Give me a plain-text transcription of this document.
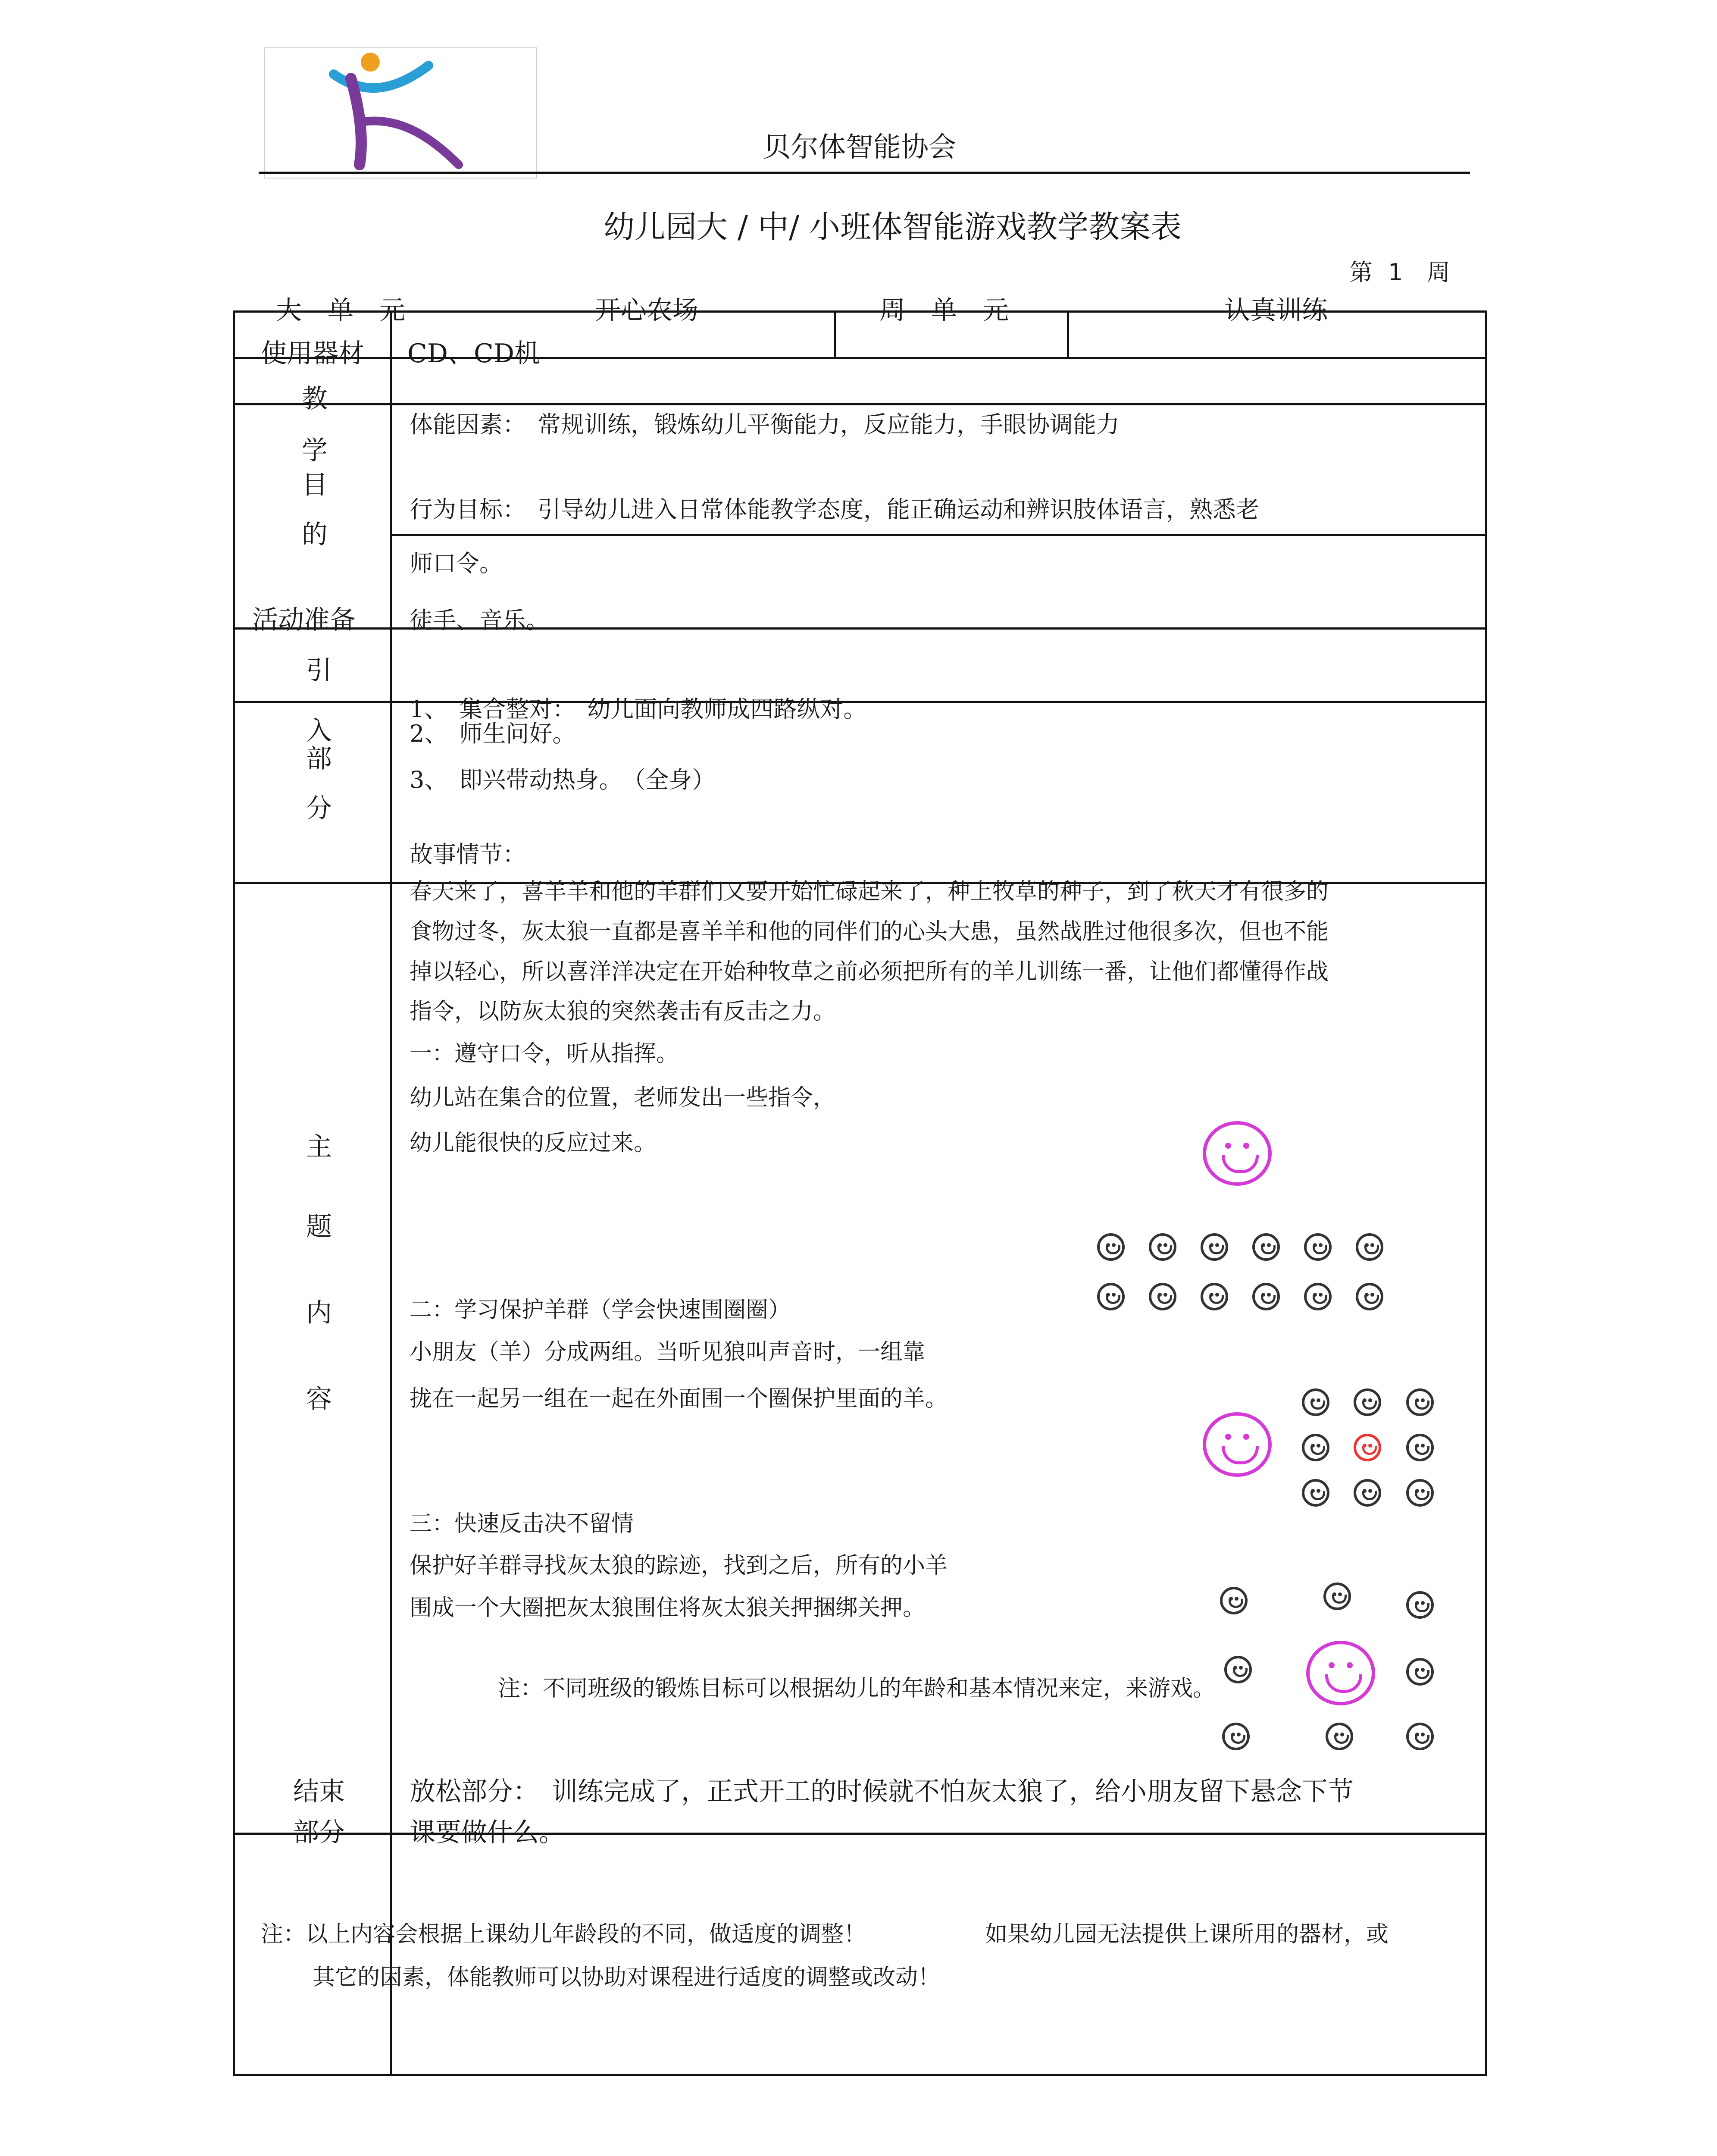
贝尔体智能协会
幼儿园大 / 中/ 小班体智能游戏教学教案表
第 1 周
大　单　元	开心农场	周　单　元	认真训练
使用器材 CD、CD机
教
学
目
的
体能因素：　常规训练，锻炼幼儿平衡能力，反应能力，手眼协调能力
行为目标：　引导幼儿进入日常体能教学态度，能正确运动和辨识肢体语言，熟悉老
师口令。
活动准备 徒手、音乐。
引
入
部
分
1、　集合整对：　幼儿面向教师成四路纵对。
2、　师生问好。
3、　即兴带动热身。　（全身）
故事情节：
主
题
内
容
春天来了，喜羊羊和他的羊群们又要开始忙碌起来了，种上牧草的种子，到了秋天才有很多的
食物过冬，灰太狼一直都是喜羊羊和他的同伴们的心头大患，虽然战胜过他很多次，但也不能
掉以轻心，所以喜洋洋决定在开始种牧草之前必须把所有的羊儿训练一番，让他们都懂得作战
指令，以防灰太狼的突然袭击有反击之力。
一：遵守口令，听从指挥。
幼儿站在集合的位置，老师发出一些指令，
幼儿能很快的反应过来。
二：学习保护羊群（学会快速围圈圈）
小朋友（羊）分成两组。当听见狼叫声音时，一组靠
拢在一起另一组在一起在外面围一个圈保护里面的羊。
三：快速反击决不留情
保护好羊群寻找灰太狼的踪迹，找到之后，所有的小羊
围成一个大圈把灰太狼围住将灰太狼关押捆绑关押。
注：不同班级的锻炼目标可以根据幼儿的年龄和基本情况来定，来游戏。
结束
部分
放松部分：　训练完成了，正式开工的时候就不怕灰太狼了，给小朋友留下悬念下节
课要做什么。
注：以上内容会根据上课幼儿年龄段的不同，做适度的调整！	如果幼儿园无法提供上课所用的器材，或
其它的因素，体能教师可以协助对课程进行适度的调整或改动！
